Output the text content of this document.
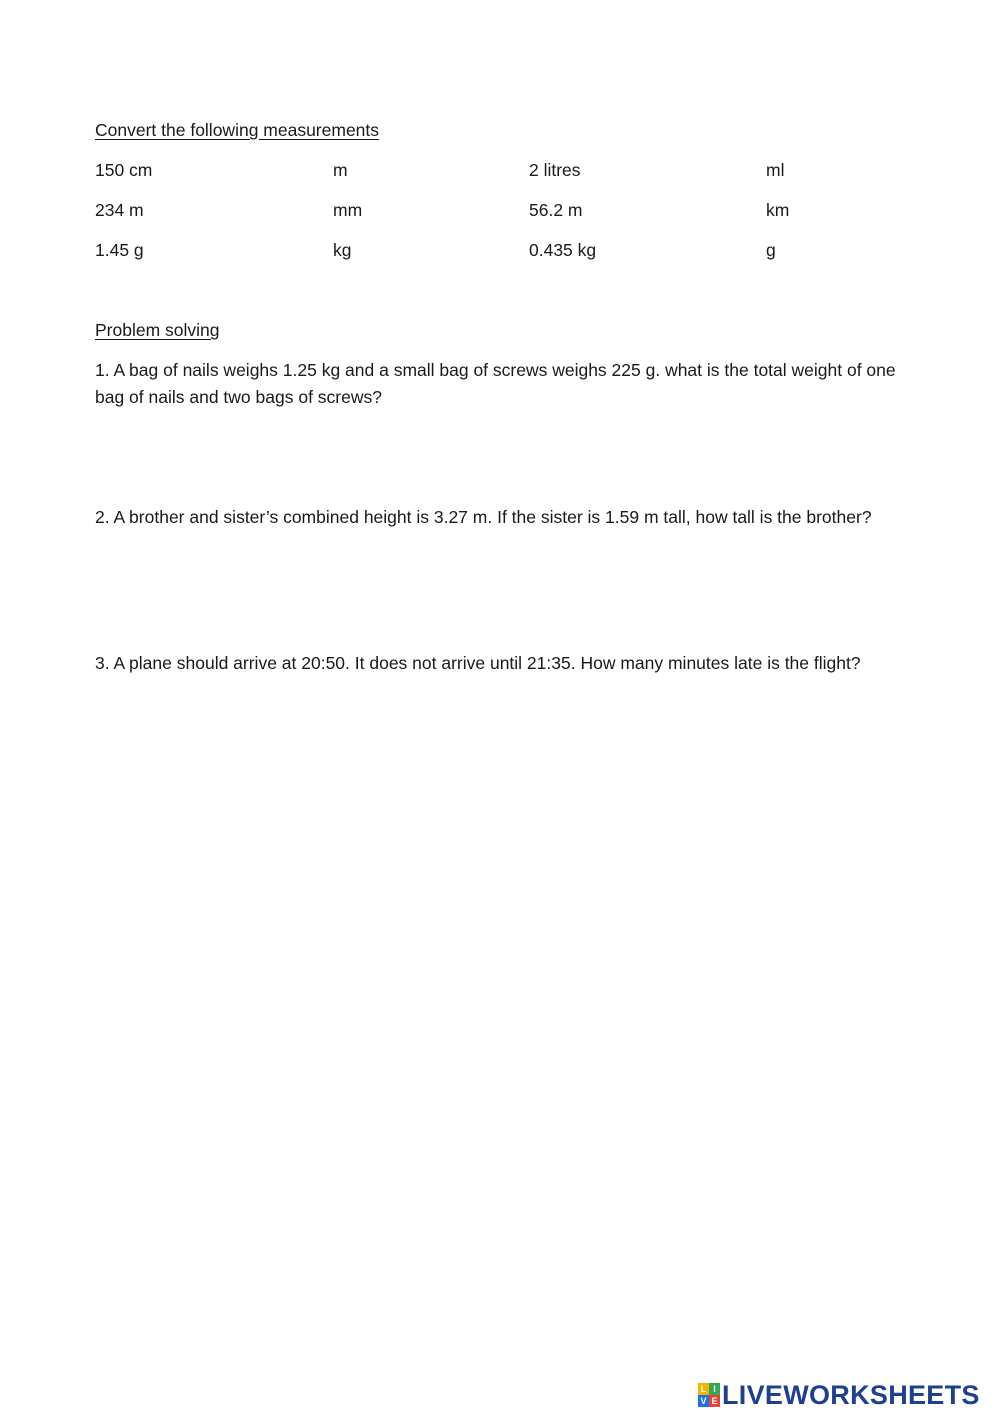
Convert the following measurements
150 cm	m	2 litres	ml
234 m	mm	56.2 m	km
1.45 g	kg	0.435 kg	g
Problem solving
1. A bag of nails weighs 1.25 kg and a small bag of screws weighs 225 g. what is the total weight of one bag of nails and two bags of screws?
2. A brother and sister’s combined height is 3.27 m. If the sister is 1.59 m tall, how tall is the brother?
3. A plane should arrive at 20:50. It does not arrive until 21:35. How many minutes late is the flight?
L I
V E LIVEWORKSHEETS
